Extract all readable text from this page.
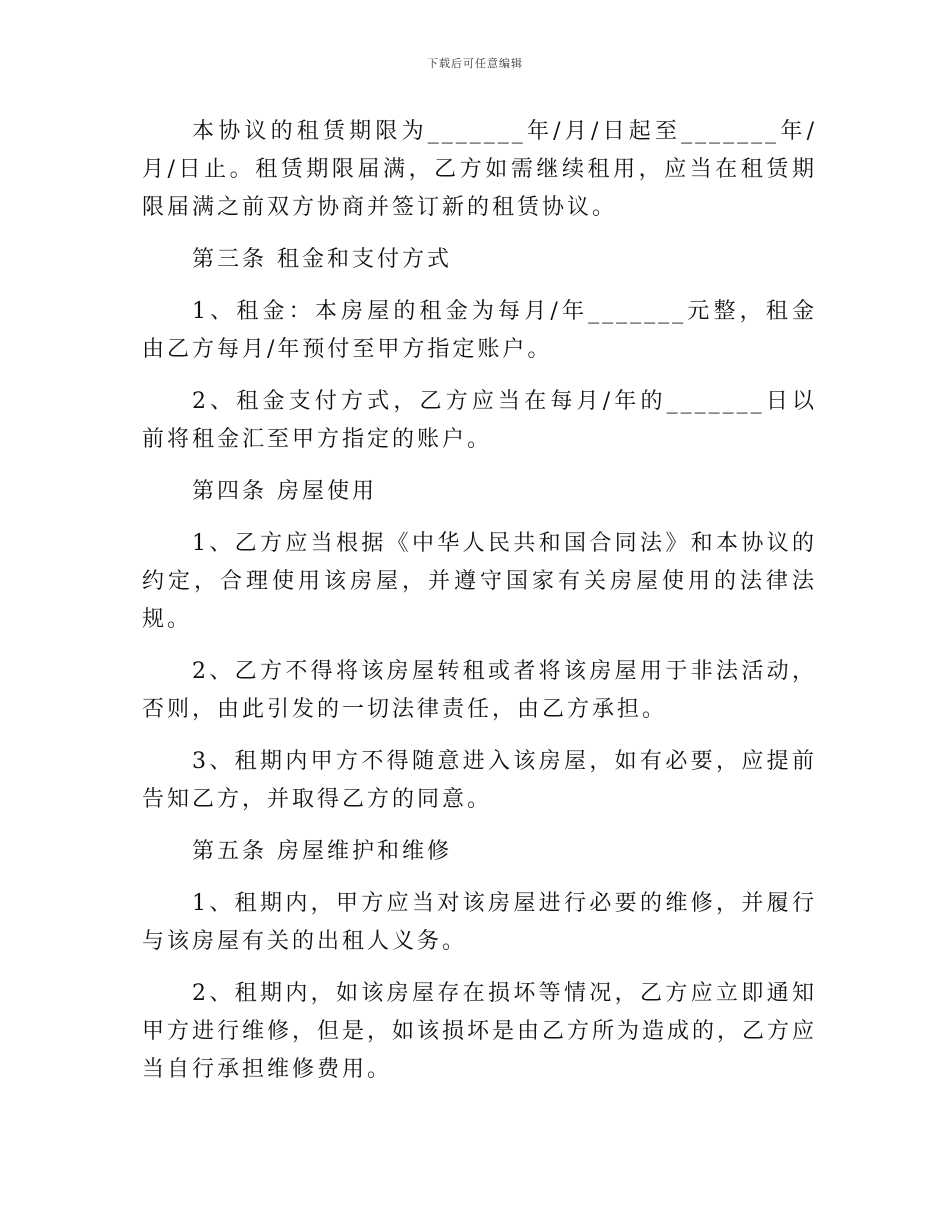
下载后可任意编辑

本协议的租赁期限为_______年/月/日起至_______年/月/日止。租赁期限届满，乙方如需继续租用，应当在租赁期限届满之前双方协商并签订新的租赁协议。

第三条 租金和支付方式

1、租金：本房屋的租金为每月/年_______元整，租金由乙方每月/年预付至甲方指定账户。

2、租金支付方式，乙方应当在每月/年的_______日以前将租金汇至甲方指定的账户。

第四条 房屋使用

1、乙方应当根据《中华人民共和国合同法》和本协议的约定，合理使用该房屋，并遵守国家有关房屋使用的法律法规。

2、乙方不得将该房屋转租或者将该房屋用于非法活动，否则，由此引发的一切法律责任，由乙方承担。

3、租期内甲方不得随意进入该房屋，如有必要，应提前告知乙方，并取得乙方的同意。

第五条 房屋维护和维修

1、租期内，甲方应当对该房屋进行必要的维修，并履行与该房屋有关的出租人义务。

2、租期内，如该房屋存在损坏等情况，乙方应立即通知甲方进行维修，但是，如该损坏是由乙方所为造成的，乙方应当自行承担维修费用。
